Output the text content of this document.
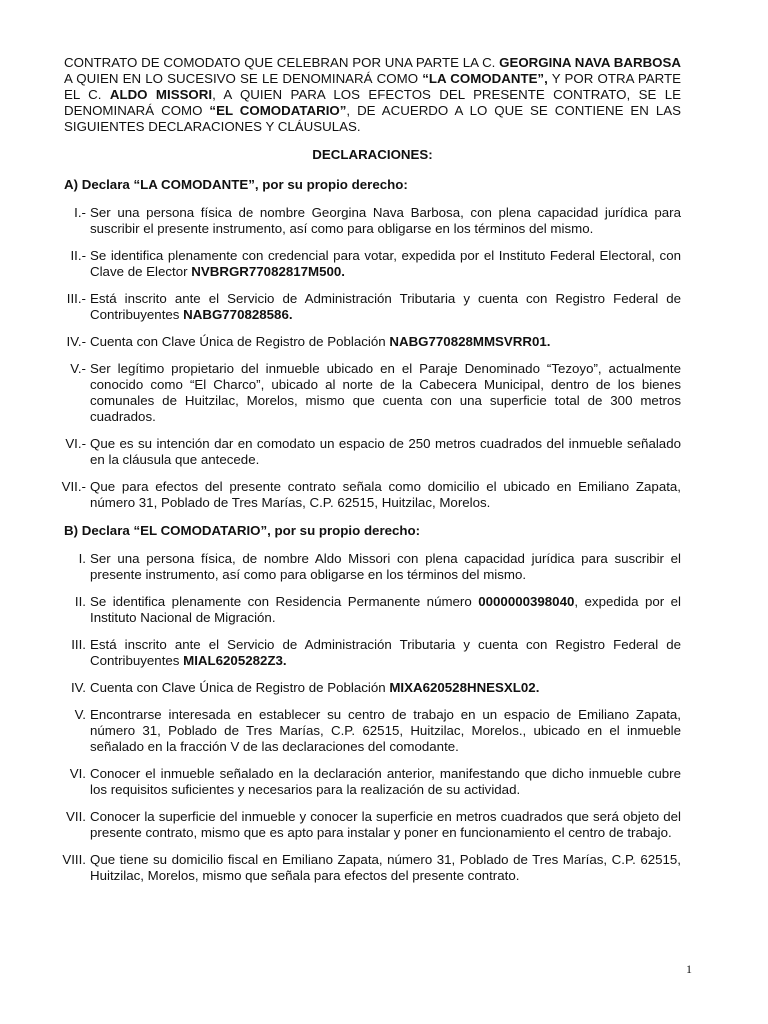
CONTRATO DE COMODATO QUE CELEBRAN POR UNA PARTE LA C. GEORGINA NAVA BARBOSA A QUIEN EN LO SUCESIVO SE LE DENOMINARÁ COMO “LA COMODANTE”, Y POR OTRA PARTE EL C. ALDO MISSORI, A QUIEN PARA LOS EFECTOS DEL PRESENTE CONTRATO, SE LE DENOMINARÁ COMO “EL COMODATARIO”, DE ACUERDO A LO QUE SE CONTIENE EN LAS SIGUIENTES DECLARACIONES Y CLÁUSULAS.

DECLARACIONES:
A) Declara “LA COMODANTE”, por su propio derecho:
I.- Ser una persona física de nombre Georgina Nava Barbosa, con plena capacidad jurídica para suscribir el presente instrumento, así como para obligarse en los términos del mismo.
II.- Se identifica plenamente con credencial para votar, expedida por el Instituto Federal Electoral, con Clave de Elector NVBRGR77082817M500.
III.- Está inscrito ante el Servicio de Administración Tributaria y cuenta con Registro Federal de Contribuyentes NABG770828586.
IV.- Cuenta con Clave Única de Registro de Población NABG770828MMSVRR01.
V.- Ser legítimo propietario del inmueble ubicado en el Paraje Denominado “Tezoyo”, actualmente conocido como “El Charco”, ubicado al norte de la Cabecera Municipal, dentro de los bienes comunales de Huitzilac, Morelos, mismo que cuenta con una superficie total de 300 metros cuadrados.
VI.- Que es su intención dar en comodato un espacio de 250 metros cuadrados del inmueble señalado en la cláusula que antecede.
VII.- Que para efectos del presente contrato señala como domicilio el ubicado en Emiliano Zapata, número 31, Poblado de Tres Marías, C.P. 62515, Huitzilac, Morelos.
B) Declara “EL COMODATARIO”, por su propio derecho:
I. Ser una persona física, de nombre Aldo Missori con plena capacidad jurídica para suscribir el presente instrumento, así como para obligarse en los términos del mismo.
II. Se identifica plenamente con Residencia Permanente número 0000000398040, expedida por el Instituto Nacional de Migración.
III. Está inscrito ante el Servicio de Administración Tributaria y cuenta con Registro Federal de Contribuyentes MIAL6205282Z3.
IV. Cuenta con Clave Única de Registro de Población MIXA620528HNESXL02.
V. Encontrarse interesada en establecer su centro de trabajo en un espacio de Emiliano Zapata, número 31, Poblado de Tres Marías, C.P. 62515, Huitzilac, Morelos., ubicado en el inmueble señalado en la fracción V de las declaraciones del comodante.
VI. Conocer el inmueble señalado en la declaración anterior, manifestando que dicho inmueble cubre los requisitos suficientes y necesarios para la realización de su actividad.
VII. Conocer la superficie del inmueble y conocer la superficie en metros cuadrados que será objeto del presente contrato, mismo que es apto para instalar y poner en funcionamiento el centro de trabajo.
VIII. Que tiene su domicilio fiscal en Emiliano Zapata, número 31, Poblado de Tres Marías, C.P. 62515, Huitzilac, Morelos, mismo que señala para efectos del presente contrato.
1
